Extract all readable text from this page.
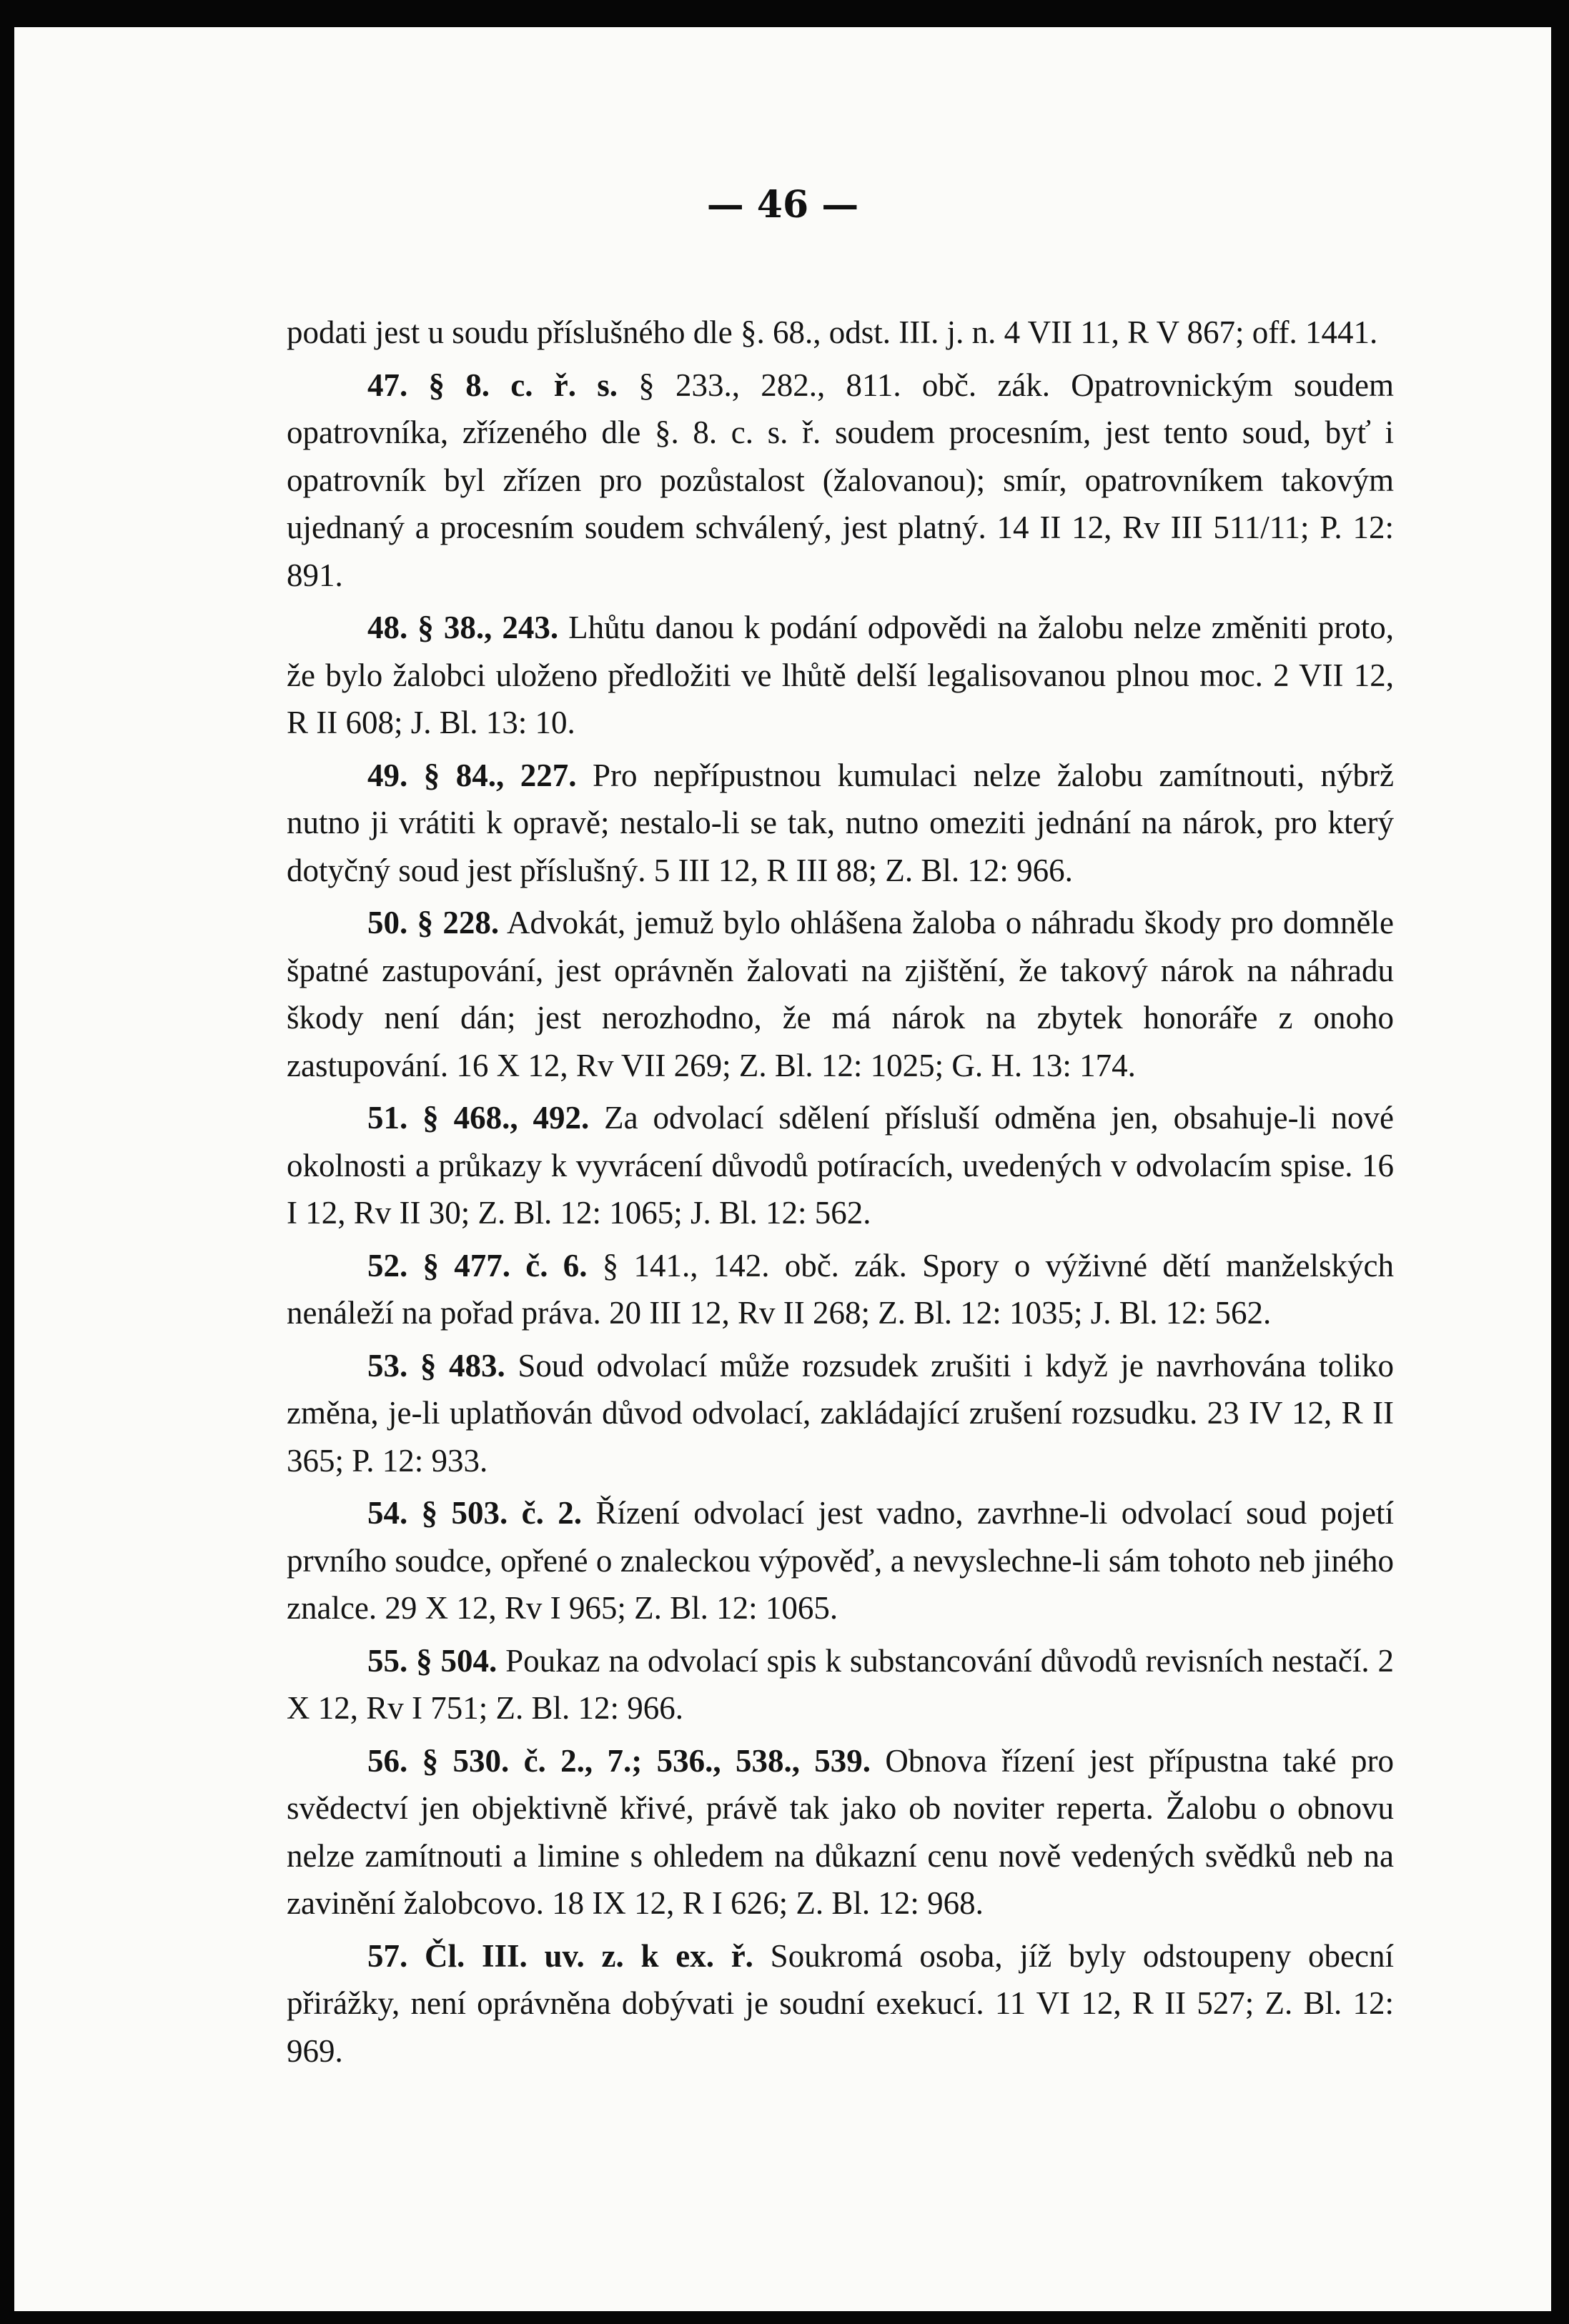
— 46 —

podati jest u soudu příslušného dle §. 68., odst. III. j. n. 4 VII 11, R V 867; off. 1441.

47. § 8. c. ř. s. § 233., 282., 811. obč. zák. Opatrovnickým soudem opatrovníka, zřízeného dle §. 8. c. s. ř. soudem procesním, jest tento soud, byť i opatrovník byl zřízen pro pozůstalost (žalovanou); smír, opatrovníkem takovým ujednaný a procesním soudem schválený, jest platný. 14 II 12, Rv III 511/11; P. 12: 891.

48. § 38., 243. Lhůtu danou k podání odpovědi na žalobu nelze změniti proto, že bylo žalobci uloženo předložiti ve lhůtě delší legalisovanou plnou moc. 2 VII 12, R II 608; J. Bl. 13: 10.

49. § 84., 227. Pro nepřípustnou kumulaci nelze žalobu zamítnouti, nýbrž nutno ji vrátiti k opravě; nestalo-li se tak, nutno omeziti jednání na nárok, pro který dotyčný soud jest příslušný. 5 III 12, R III 88; Z. Bl. 12: 966.

50. § 228. Advokát, jemuž bylo ohlášena žaloba o náhradu škody pro domněle špatné zastupování, jest oprávněn žalovati na zjištění, že takový nárok na náhradu škody není dán; jest nerozhodno, že má nárok na zbytek honoráře z onoho zastupování. 16 X 12, Rv VII 269; Z. Bl. 12: 1025; G. H. 13: 174.

51. § 468., 492. Za odvolací sdělení přísluší odměna jen, obsahuje-li nové okolnosti a průkazy k vyvrácení důvodů potíracích, uvedených v odvolacím spise. 16 I 12, Rv II 30; Z. Bl. 12: 1065; J. Bl. 12: 562.

52. § 477. č. 6. § 141., 142. obč. zák. Spory o výživné dětí manželských nenáleží na pořad práva. 20 III 12, Rv II 268; Z. Bl. 12: 1035; J. Bl. 12: 562.

53. § 483. Soud odvolací může rozsudek zrušiti i když je navrhována toliko změna, je-li uplatňován důvod odvolací, zakládající zrušení rozsudku. 23 IV 12, R II 365; P. 12: 933.

54. § 503. č. 2. Řízení odvolací jest vadno, zavrhne-li odvolací soud pojetí prvního soudce, opřené o znaleckou výpověď, a nevyslechne-li sám tohoto neb jiného znalce. 29 X 12, Rv I 965; Z. Bl. 12: 1065.

55. § 504. Poukaz na odvolací spis k substancování důvodů revisních nestačí. 2 X 12, Rv I 751; Z. Bl. 12: 966.

56. § 530. č. 2., 7.; 536., 538., 539. Obnova řízení jest přípustna také pro svědectví jen objektivně křivé, právě tak jako ob noviter reperta. Žalobu o obnovu nelze zamítnouti a limine s ohledem na důkazní cenu nově vedených svědků neb na zavinění žalobcovo. 18 IX 12, R I 626; Z. Bl. 12: 968.

57. Čl. III. uv. z. k ex. ř. Soukromá osoba, jíž byly odstoupeny obecní přirážky, není oprávněna dobývati je soudní exekucí. 11 VI 12, R II 527; Z. Bl. 12: 969.
